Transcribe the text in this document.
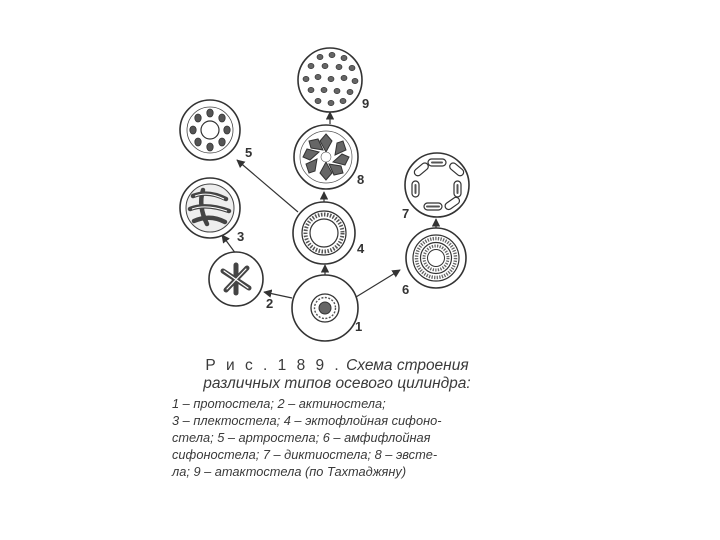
1
2
3
4
5
6
7
8
9
Р и с . 1 8 9 . Схема строения
различных типов осевого цилиндра:
1 – протостела; 2 – актиностела;
3 – плектостела; 4 – эктофлойная сифоно-
стела; 5 – артростела; 6 – амфифлойная
сифоностела; 7 – диктиостела; 8 – эвсте-
ла; 9 – атактостела (по Тахтаджяну)
